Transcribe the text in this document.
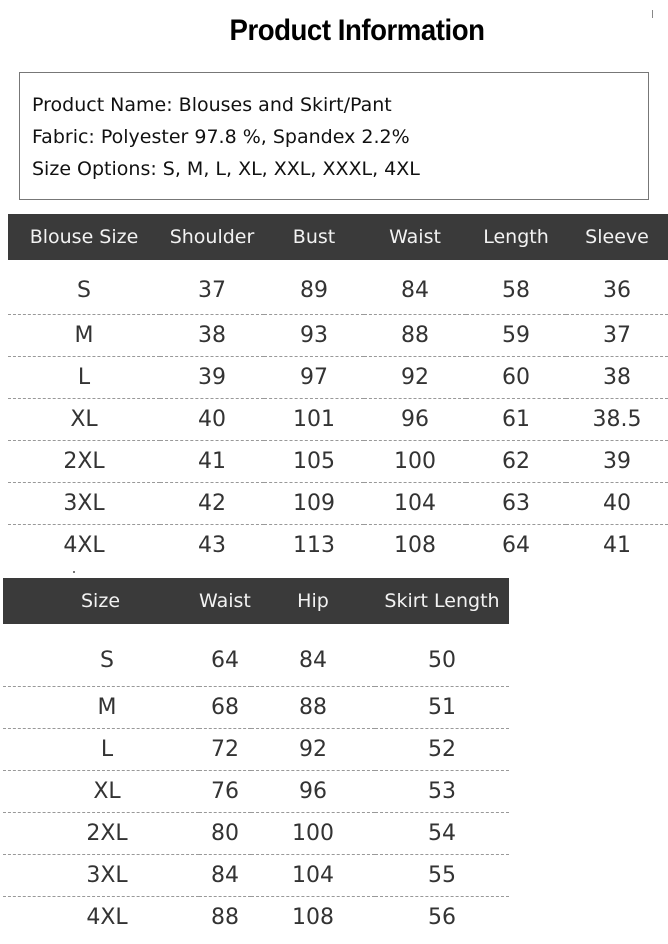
Product Information
Product Name: Blouses and Skirt/Pant
Fabric: Polyester 97.8 %, Spandex 2.2%
Size Options: S, M, L, XL, XXL, XXXL, 4XL
Blouse Size	Shoulder	Bust	Waist	Length	Sleeve
S	37	89	84	58	36
M	38	93	88	59	37
L	39	97	92	60	38
XL	40	101	96	61	38.5
2XL	41	105	100	62	39
3XL	42	109	104	63	40
4XL	43	113	108	64	41
Size	Waist	Hip	Skirt Length
S	64	84	50
M	68	88	51
L	72	92	52
XL	76	96	53
2XL	80	100	54
3XL	84	104	55
4XL	88	108	56
